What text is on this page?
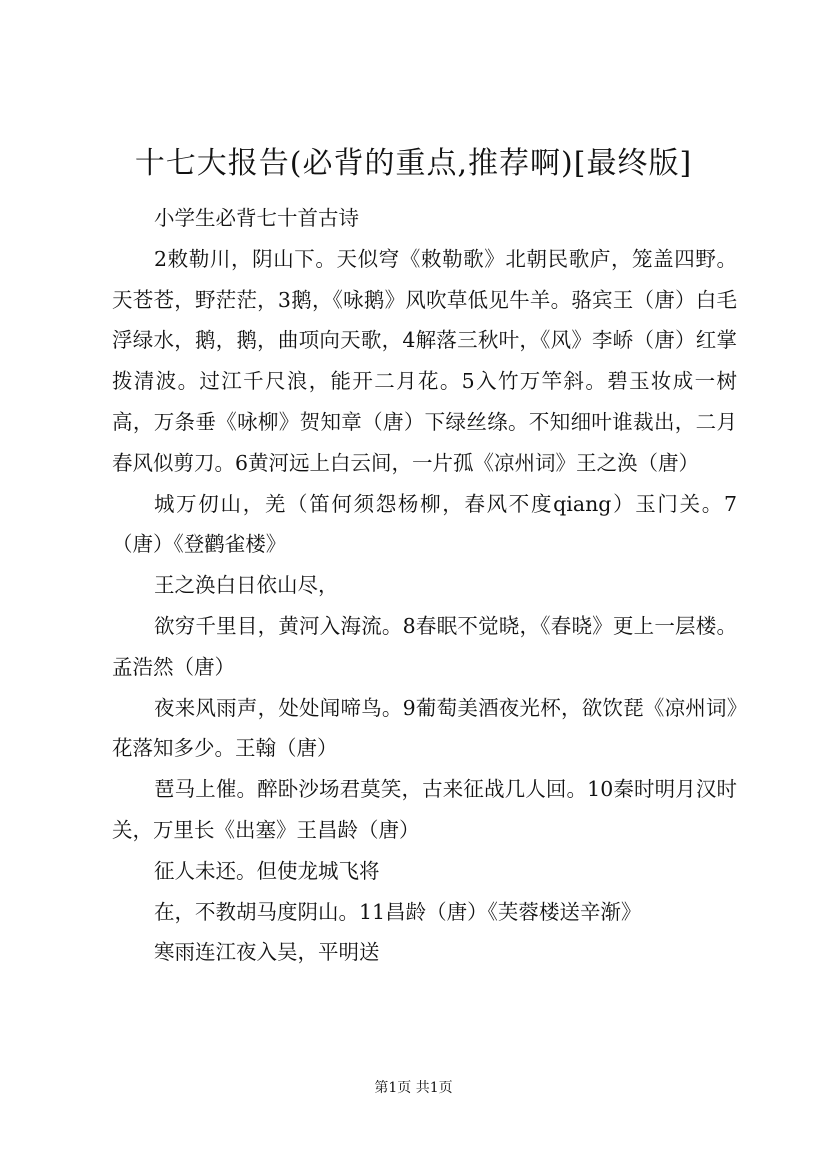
十七大报告(必背的重点,推荐啊)[最终版]

小学生必背七十首古诗

2敕勒川，阴山下。天似穹《敕勒歌》北朝民歌庐，笼盖四野。天苍苍，野茫茫，3鹅，《咏鹅》风吹草低见牛羊。骆宾王（唐）白毛浮绿水，鹅，鹅，曲项向天歌，4解落三秋叶，《风》李峤（唐）红掌拨清波。过江千尺浪，能开二月花。5入竹万竿斜。碧玉妆成一树高，万条垂《咏柳》贺知章（唐）下绿丝绦。不知细叶谁裁出，二月春风似剪刀。6黄河远上白云间，一片孤《凉州词》王之涣（唐）

城万仞山，羌（笛何须怨杨柳，春风不度qiang）玉门关。7（唐）《登鹳雀楼》

王之涣白日依山尽，

欲穷千里目，黄河入海流。8春眠不觉晓，《春晓》更上一层楼。孟浩然（唐）

夜来风雨声，处处闻啼鸟。9葡萄美酒夜光杯，欲饮琵《凉州词》花落知多少。王翰（唐）

琶马上催。醉卧沙场君莫笑，古来征战几人回。10秦时明月汉时关，万里长《出塞》王昌龄（唐）

征人未还。但使龙城飞将

在，不教胡马度阴山。11昌龄（唐）《芙蓉楼送辛渐》

寒雨连江夜入吴，平明送

第1页 共1页
